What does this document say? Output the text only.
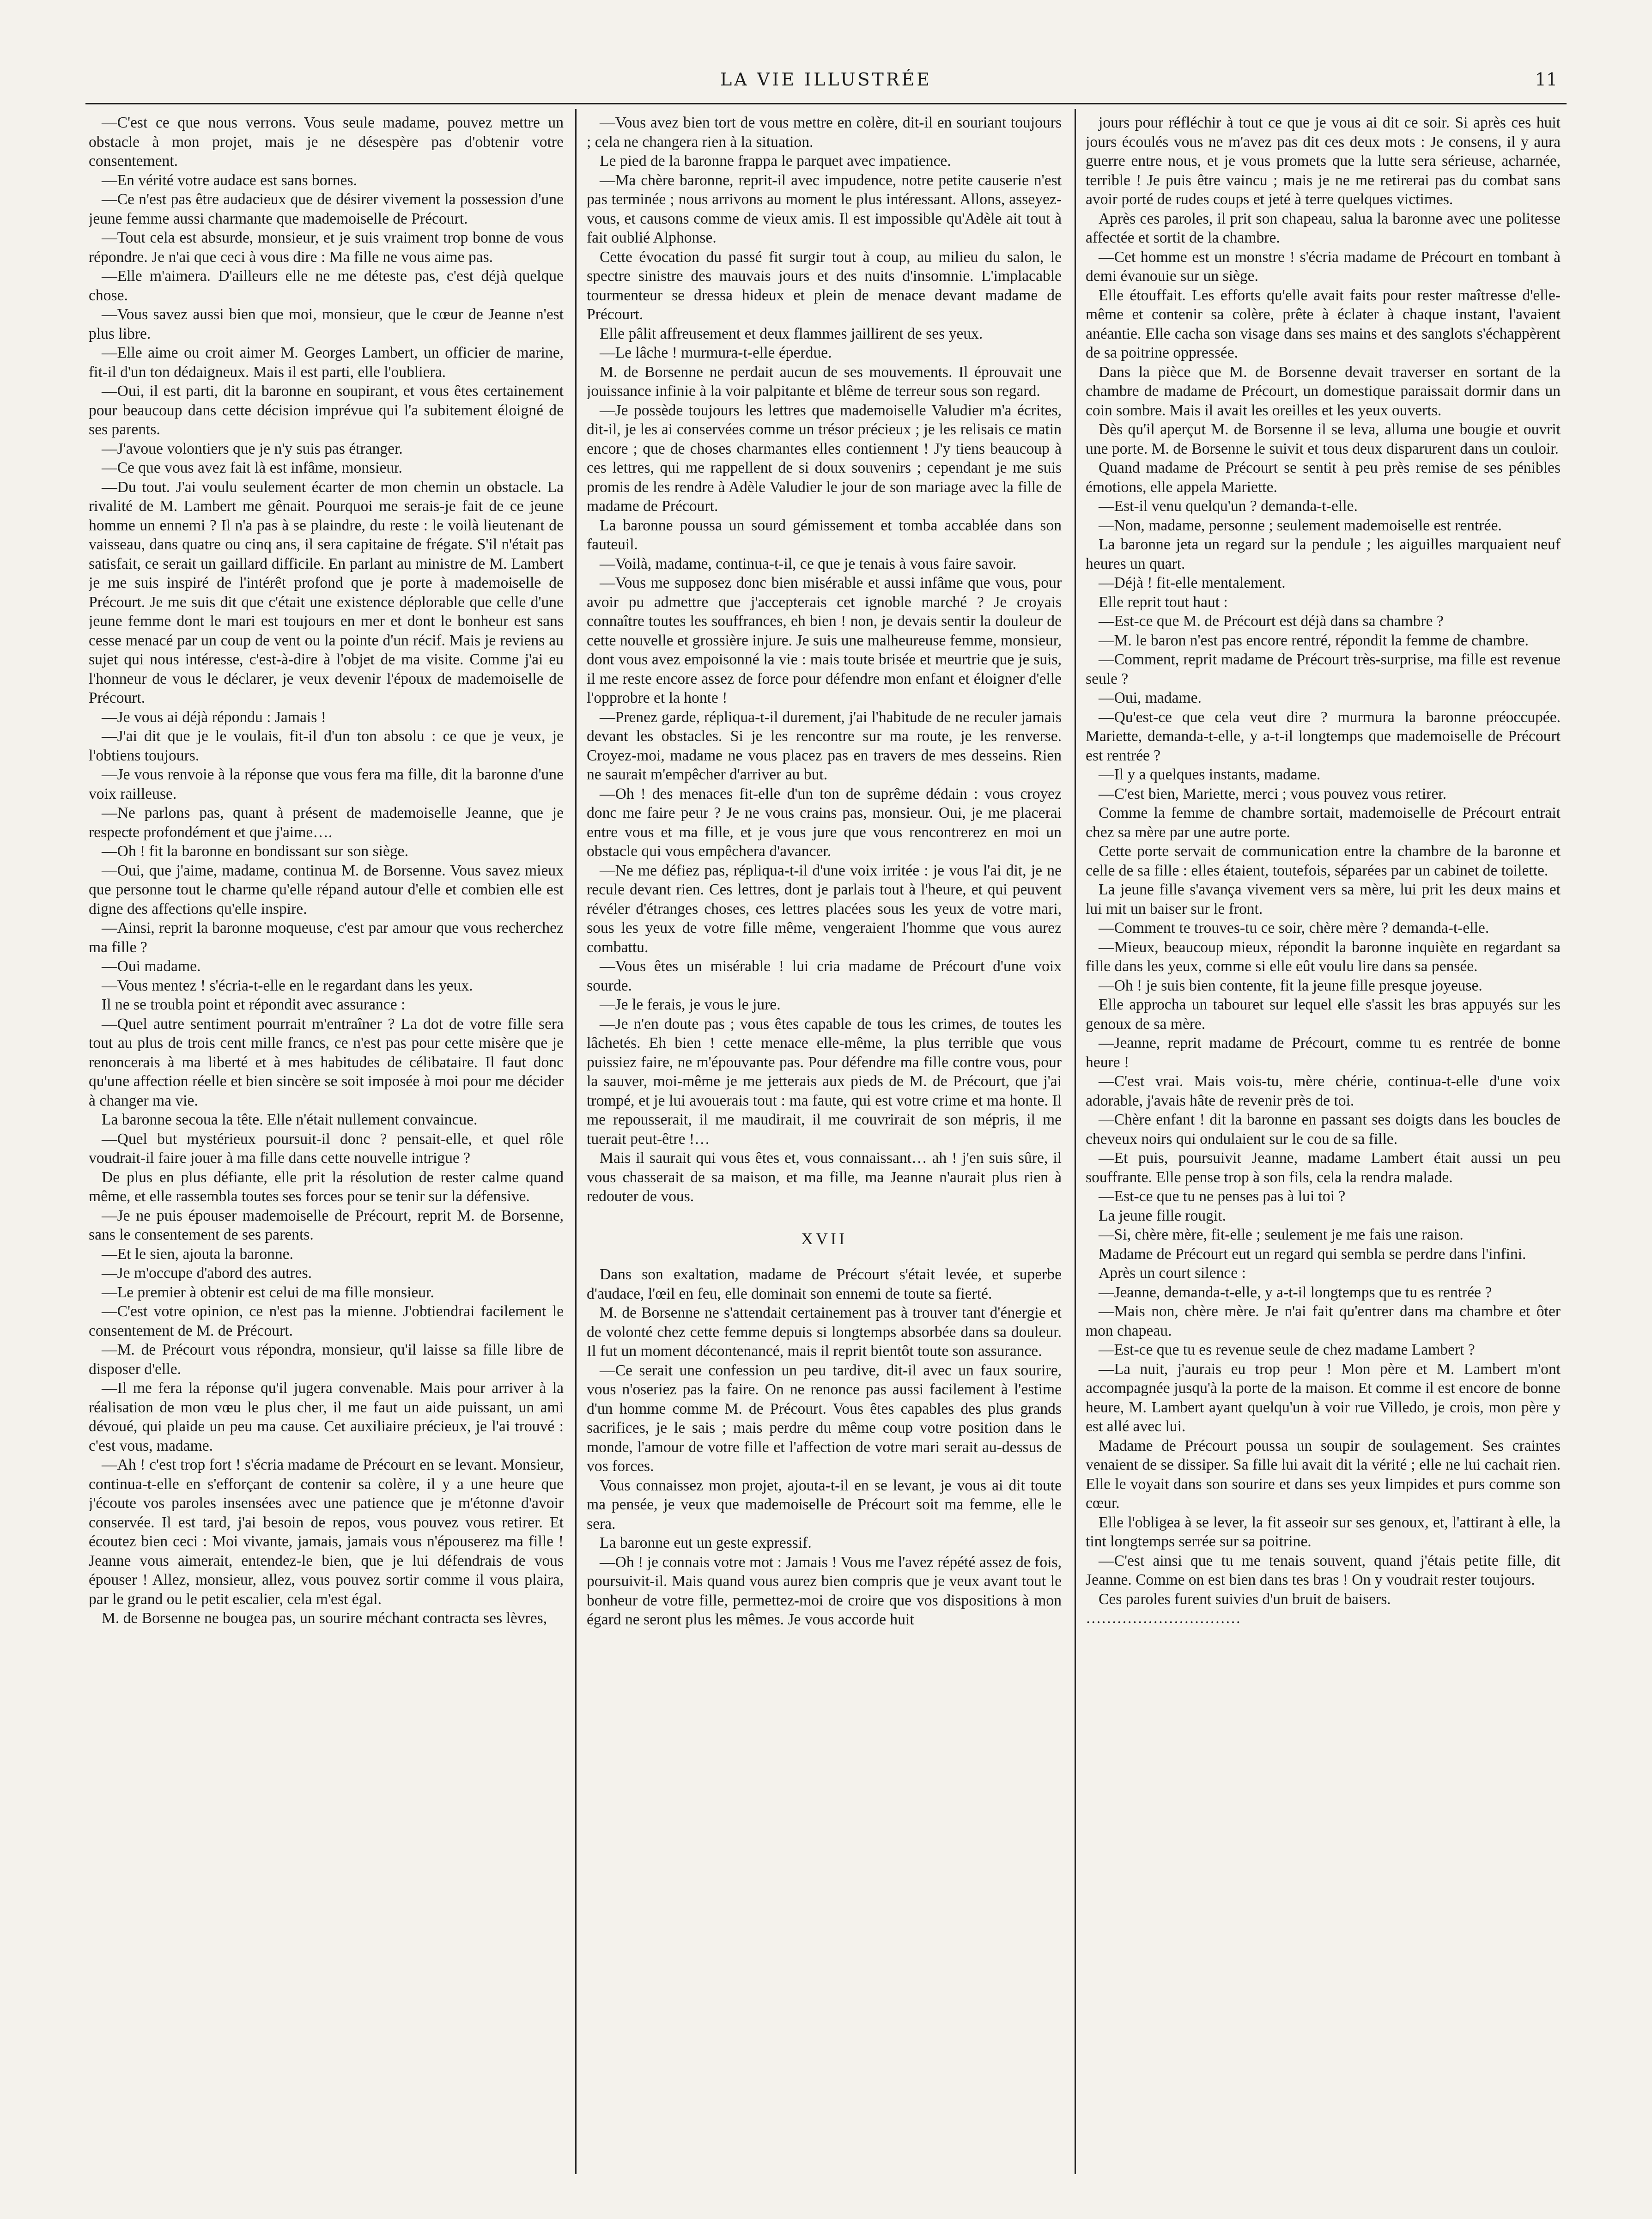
LA VIE ILLUSTRÉE	11

—C'est ce que nous verrons. Vous seule madame, pouvez mettre un obstacle à mon projet, mais je ne désespère pas d'obtenir votre consentement.

—En vérité votre audace est sans bornes.

—Ce n'est pas être audacieux que de désirer vivement la possession d'une jeune femme aussi charmante que mademoiselle de Précourt.

—Tout cela est absurde, monsieur, et je suis vraiment trop bonne de vous répondre. Je n'ai que ceci à vous dire : Ma fille ne vous aime pas.

—Elle m'aimera. D'ailleurs elle ne me déteste pas, c'est déjà quelque chose.

—Vous savez aussi bien que moi, monsieur, que le cœur de Jeanne n'est plus libre.

—Elle aime ou croit aimer M. Georges Lambert, un officier de marine, fit-il d'un ton dédaigneux. Mais il est parti, elle l'oubliera.

—Oui, il est parti, dit la baronne en soupirant, et vous êtes certainement pour beaucoup dans cette décision imprévue qui l'a subitement éloigné de ses parents.

—J'avoue volontiers que je n'y suis pas étranger.

—Ce que vous avez fait là est infâme, monsieur.

—Du tout. J'ai voulu seulement écarter de mon chemin un obstacle. La rivalité de M. Lambert me gênait. Pourquoi me serais-je fait de ce jeune homme un ennemi ? Il n'a pas à se plaindre, du reste : le voilà lieutenant de vaisseau, dans quatre ou cinq ans, il sera capitaine de frégate. S'il n'était pas satisfait, ce serait un gaillard difficile. En parlant au ministre de M. Lambert je me suis inspiré de l'intérêt profond que je porte à mademoiselle de Précourt. Je me suis dit que c'était une existence déplorable que celle d'une jeune femme dont le mari est toujours en mer et dont le bonheur est sans cesse menacé par un coup de vent ou la pointe d'un récif. Mais je reviens au sujet qui nous intéresse, c'est-à-dire à l'objet de ma visite. Comme j'ai eu l'honneur de vous le déclarer, je veux devenir l'époux de mademoiselle de Précourt.

—Je vous ai déjà répondu : Jamais !

—J'ai dit que je le voulais, fit-il d'un ton absolu : ce que je veux, je l'obtiens toujours.

—Je vous renvoie à la réponse que vous fera ma fille, dit la baronne d'une voix railleuse.

—Ne parlons pas, quant à présent de mademoiselle Jeanne, que je respecte profondément et que j'aime….

—Oh ! fit la baronne en bondissant sur son siège.

—Oui, que j'aime, madame, continua M. de Borsenne. Vous savez mieux que personne tout le charme qu'elle répand autour d'elle et combien elle est digne des affections qu'elle inspire.

—Ainsi, reprit la baronne moqueuse, c'est par amour que vous recherchez ma fille ?

—Oui madame.

—Vous mentez ! s'écria-t-elle en le regardant dans les yeux.

Il ne se troubla point et répondit avec assurance :

—Quel autre sentiment pourrait m'entraîner ? La dot de votre fille sera tout au plus de trois cent mille francs, ce n'est pas pour cette misère que je renoncerais à ma liberté et à mes habitudes de célibataire. Il faut donc qu'une affection réelle et bien sincère se soit imposée à moi pour me décider à changer ma vie.

La baronne secoua la tête. Elle n'était nullement convaincue.

—Quel but mystérieux poursuit-il donc ? pensait-elle, et quel rôle voudrait-il faire jouer à ma fille dans cette nouvelle intrigue ?

De plus en plus défiante, elle prit la résolution de rester calme quand même, et elle rassembla toutes ses forces pour se tenir sur la défensive.

—Je ne puis épouser mademoiselle de Précourt, reprit M. de Borsenne, sans le consentement de ses parents.

—Et le sien, ajouta la baronne.

—Je m'occupe d'abord des autres.

—Le premier à obtenir est celui de ma fille monsieur.

—C'est votre opinion, ce n'est pas la mienne. J'obtiendrai facilement le consentement de M. de Précourt.

—M. de Précourt vous répondra, monsieur, qu'il laisse sa fille libre de disposer d'elle.

—Il me fera la réponse qu'il jugera convenable. Mais pour arriver à la réalisation de mon vœu le plus cher, il me faut un aide puissant, un ami dévoué, qui plaide un peu ma cause. Cet auxiliaire précieux, je l'ai trouvé : c'est vous, madame.

—Ah ! c'est trop fort ! s'écria madame de Précourt en se levant. Monsieur, continua-t-elle en s'efforçant de contenir sa colère, il y a une heure que j'écoute vos paroles insensées avec une patience que je m'étonne d'avoir conservée. Il est tard, j'ai besoin de repos, vous pouvez vous retirer. Et écoutez bien ceci : Moi vivante, jamais, jamais vous n'épouserez ma fille ! Jeanne vous aimerait, entendez-le bien, que je lui défendrais de vous épouser ! Allez, monsieur, allez, vous pouvez sortir comme il vous plaira, par le grand ou le petit escalier, cela m'est égal.

M. de Borsenne ne bougea pas, un sourire méchant contracta ses lèvres,

—Vous avez bien tort de vous mettre en colère, dit-il en souriant toujours ; cela ne changera rien à la situation.

Le pied de la baronne frappa le parquet avec impatience.

—Ma chère baronne, reprit-il avec impudence, notre petite causerie n'est pas terminée ; nous arrivons au moment le plus intéressant. Allons, asseyez-vous, et causons comme de vieux amis. Il est impossible qu'Adèle ait tout à fait oublié Alphonse.

Cette évocation du passé fit surgir tout à coup, au milieu du salon, le spectre sinistre des mauvais jours et des nuits d'insomnie. L'implacable tourmenteur se dressa hideux et plein de menace devant madame de Précourt.

Elle pâlit affreusement et deux flammes jaillirent de ses yeux.

—Le lâche ! murmura-t-elle éperdue.

M. de Borsenne ne perdait aucun de ses mouvements. Il éprouvait une jouissance infinie à la voir palpitante et blême de terreur sous son regard.

—Je possède toujours les lettres que mademoiselle Valudier m'a écrites, dit-il, je les ai conservées comme un trésor précieux ; je les relisais ce matin encore ; que de choses charmantes elles contiennent ! J'y tiens beaucoup à ces lettres, qui me rappellent de si doux souvenirs ; cependant je me suis promis de les rendre à Adèle Valudier le jour de son mariage avec la fille de madame de Précourt.

La baronne poussa un sourd gémissement et tomba accablée dans son fauteuil.

—Voilà, madame, continua-t-il, ce que je tenais à vous faire savoir.

—Vous me supposez donc bien misérable et aussi infâme que vous, pour avoir pu admettre que j'accepterais cet ignoble marché ? Je croyais connaître toutes les souffrances, eh bien ! non, je devais sentir la douleur de cette nouvelle et grossière injure. Je suis une malheureuse femme, monsieur, dont vous avez empoisonné la vie : mais toute brisée et meurtrie que je suis, il me reste encore assez de force pour défendre mon enfant et éloigner d'elle l'opprobre et la honte !

—Prenez garde, répliqua-t-il durement, j'ai l'habitude de ne reculer jamais devant les obstacles. Si je les rencontre sur ma route, je les renverse. Croyez-moi, madame ne vous placez pas en travers de mes desseins. Rien ne saurait m'empêcher d'arriver au but.

—Oh ! des menaces fit-elle d'un ton de suprême dédain : vous croyez donc me faire peur ? Je ne vous crains pas, monsieur. Oui, je me placerai entre vous et ma fille, et je vous jure que vous rencontrerez en moi un obstacle qui vous empêchera d'avancer.

—Ne me défiez pas, répliqua-t-il d'une voix irritée : je vous l'ai dit, je ne recule devant rien. Ces lettres, dont je parlais tout à l'heure, et qui peuvent révéler d'étranges choses, ces lettres placées sous les yeux de votre mari, sous les yeux de votre fille même, vengeraient l'homme que vous aurez combattu.

—Vous êtes un misérable ! lui cria madame de Précourt d'une voix sourde.

—Je le ferais, je vous le jure.

—Je n'en doute pas ; vous êtes capable de tous les crimes, de toutes les lâchetés. Eh bien ! cette menace elle-même, la plus terrible que vous puissiez faire, ne m'épouvante pas. Pour défendre ma fille contre vous, pour la sauver, moi-même je me jetterais aux pieds de M. de Précourt, que j'ai trompé, et je lui avouerais tout : ma faute, qui est votre crime et ma honte. Il me repousserait, il me maudirait, il me couvrirait de son mépris, il me tuerait peut-être !…

Mais il saurait qui vous êtes et, vous connaissant… ah ! j'en suis sûre, il vous chasserait de sa maison, et ma fille, ma Jeanne n'aurait plus rien à redouter de vous.

XVII

Dans son exaltation, madame de Précourt s'était levée, et superbe d'audace, l'œil en feu, elle dominait son ennemi de toute sa fierté.

M. de Borsenne ne s'attendait certainement pas à trouver tant d'énergie et de volonté chez cette femme depuis si longtemps absorbée dans sa douleur. Il fut un moment décontenancé, mais il reprit bientôt toute son assurance.

—Ce serait une confession un peu tardive, dit-il avec un faux sourire, vous n'oseriez pas la faire. On ne renonce pas aussi facilement à l'estime d'un homme comme M. de Précourt. Vous êtes capables des plus grands sacrifices, je le sais ; mais perdre du même coup votre position dans le monde, l'amour de votre fille et l'affection de votre mari serait au-dessus de vos forces.

Vous connaissez mon projet, ajouta-t-il en se levant, je vous ai dit toute ma pensée, je veux que mademoiselle de Précourt soit ma femme, elle le sera.

La baronne eut un geste expressif.

—Oh ! je connais votre mot : Jamais ! Vous me l'avez répété assez de fois, poursuivit-il. Mais quand vous aurez bien compris que je veux avant tout le bonheur de votre fille, permettez-moi de croire que vos dispositions à mon égard ne seront plus les mêmes. Je vous accorde huit

jours pour réfléchir à tout ce que je vous ai dit ce soir. Si après ces huit jours écoulés vous ne m'avez pas dit ces deux mots : Je consens, il y aura guerre entre nous, et je vous promets que la lutte sera sérieuse, acharnée, terrible ! Je puis être vaincu ; mais je ne me retirerai pas du combat sans avoir porté de rudes coups et jeté à terre quelques victimes.

Après ces paroles, il prit son chapeau, salua la baronne avec une politesse affectée et sortit de la chambre.

—Cet homme est un monstre ! s'écria madame de Précourt en tombant à demi évanouie sur un siège.

Elle étouffait. Les efforts qu'elle avait faits pour rester maîtresse d'elle-même et contenir sa colère, prête à éclater à chaque instant, l'avaient anéantie. Elle cacha son visage dans ses mains et des sanglots s'échappèrent de sa poitrine oppressée.

Dans la pièce que M. de Borsenne devait traverser en sortant de la chambre de madame de Précourt, un domestique paraissait dormir dans un coin sombre. Mais il avait les oreilles et les yeux ouverts.

Dès qu'il aperçut M. de Borsenne il se leva, alluma une bougie et ouvrit une porte. M. de Borsenne le suivit et tous deux disparurent dans un couloir.

Quand madame de Précourt se sentit à peu près remise de ses pénibles émotions, elle appela Mariette.

—Est-il venu quelqu'un ? demanda-t-elle.

—Non, madame, personne ; seulement mademoiselle est rentrée.

La baronne jeta un regard sur la pendule ; les aiguilles marquaient neuf heures un quart.

—Déjà ! fit-elle mentalement.

Elle reprit tout haut :

—Est-ce que M. de Précourt est déjà dans sa chambre ?

—M. le baron n'est pas encore rentré, répondit la femme de chambre.

—Comment, reprit madame de Précourt très-surprise, ma fille est revenue seule ?

—Oui, madame.

—Qu'est-ce que cela veut dire ? murmura la baronne préoccupée. Mariette, demanda-t-elle, y a-t-il longtemps que mademoiselle de Précourt est rentrée ?

—Il y a quelques instants, madame.

—C'est bien, Mariette, merci ; vous pouvez vous retirer.

Comme la femme de chambre sortait, mademoiselle de Précourt entrait chez sa mère par une autre porte.

Cette porte servait de communication entre la chambre de la baronne et celle de sa fille : elles étaient, toutefois, séparées par un cabinet de toilette.

La jeune fille s'avança vivement vers sa mère, lui prit les deux mains et lui mit un baiser sur le front.

—Comment te trouves-tu ce soir, chère mère ? demanda-t-elle.

—Mieux, beaucoup mieux, répondit la baronne inquiète en regardant sa fille dans les yeux, comme si elle eût voulu lire dans sa pensée.

—Oh ! je suis bien contente, fit la jeune fille presque joyeuse.

Elle approcha un tabouret sur lequel elle s'assit les bras appuyés sur les genoux de sa mère.

—Jeanne, reprit madame de Précourt, comme tu es rentrée de bonne heure !

—C'est vrai. Mais vois-tu, mère chérie, continua-t-elle d'une voix adorable, j'avais hâte de revenir près de toi.

—Chère enfant ! dit la baronne en passant ses doigts dans les boucles de cheveux noirs qui ondulaient sur le cou de sa fille.

—Et puis, poursuivit Jeanne, madame Lambert était aussi un peu souffrante. Elle pense trop à son fils, cela la rendra malade.

—Est-ce que tu ne penses pas à lui toi ?

La jeune fille rougit.

—Si, chère mère, fit-elle ; seulement je me fais une raison.

Madame de Précourt eut un regard qui sembla se perdre dans l'infini.

Après un court silence :

—Jeanne, demanda-t-elle, y a-t-il longtemps que tu es rentrée ?

—Mais non, chère mère. Je n'ai fait qu'entrer dans ma chambre et ôter mon chapeau.

—Est-ce que tu es revenue seule de chez madame Lambert ?

—La nuit, j'aurais eu trop peur ! Mon père et M. Lambert m'ont accompagnée jusqu'à la porte de la maison. Et comme il est encore de bonne heure, M. Lambert ayant quelqu'un à voir rue Villedo, je crois, mon père y est allé avec lui.

Madame de Précourt poussa un soupir de soulagement. Ses craintes venaient de se dissiper. Sa fille lui avait dit la vérité ; elle ne lui cachait rien. Elle le voyait dans son sourire et dans ses yeux limpides et purs comme son cœur.

Elle l'obligea à se lever, la fit asseoir sur ses genoux, et, l'attirant à elle, la tint longtemps serrée sur sa poitrine.

—C'est ainsi que tu me tenais souvent, quand j'étais petite fille, dit Jeanne. Comme on est bien dans tes bras ! On y voudrait rester toujours.

Ces paroles furent suivies d'un bruit de baisers.

…………………………
